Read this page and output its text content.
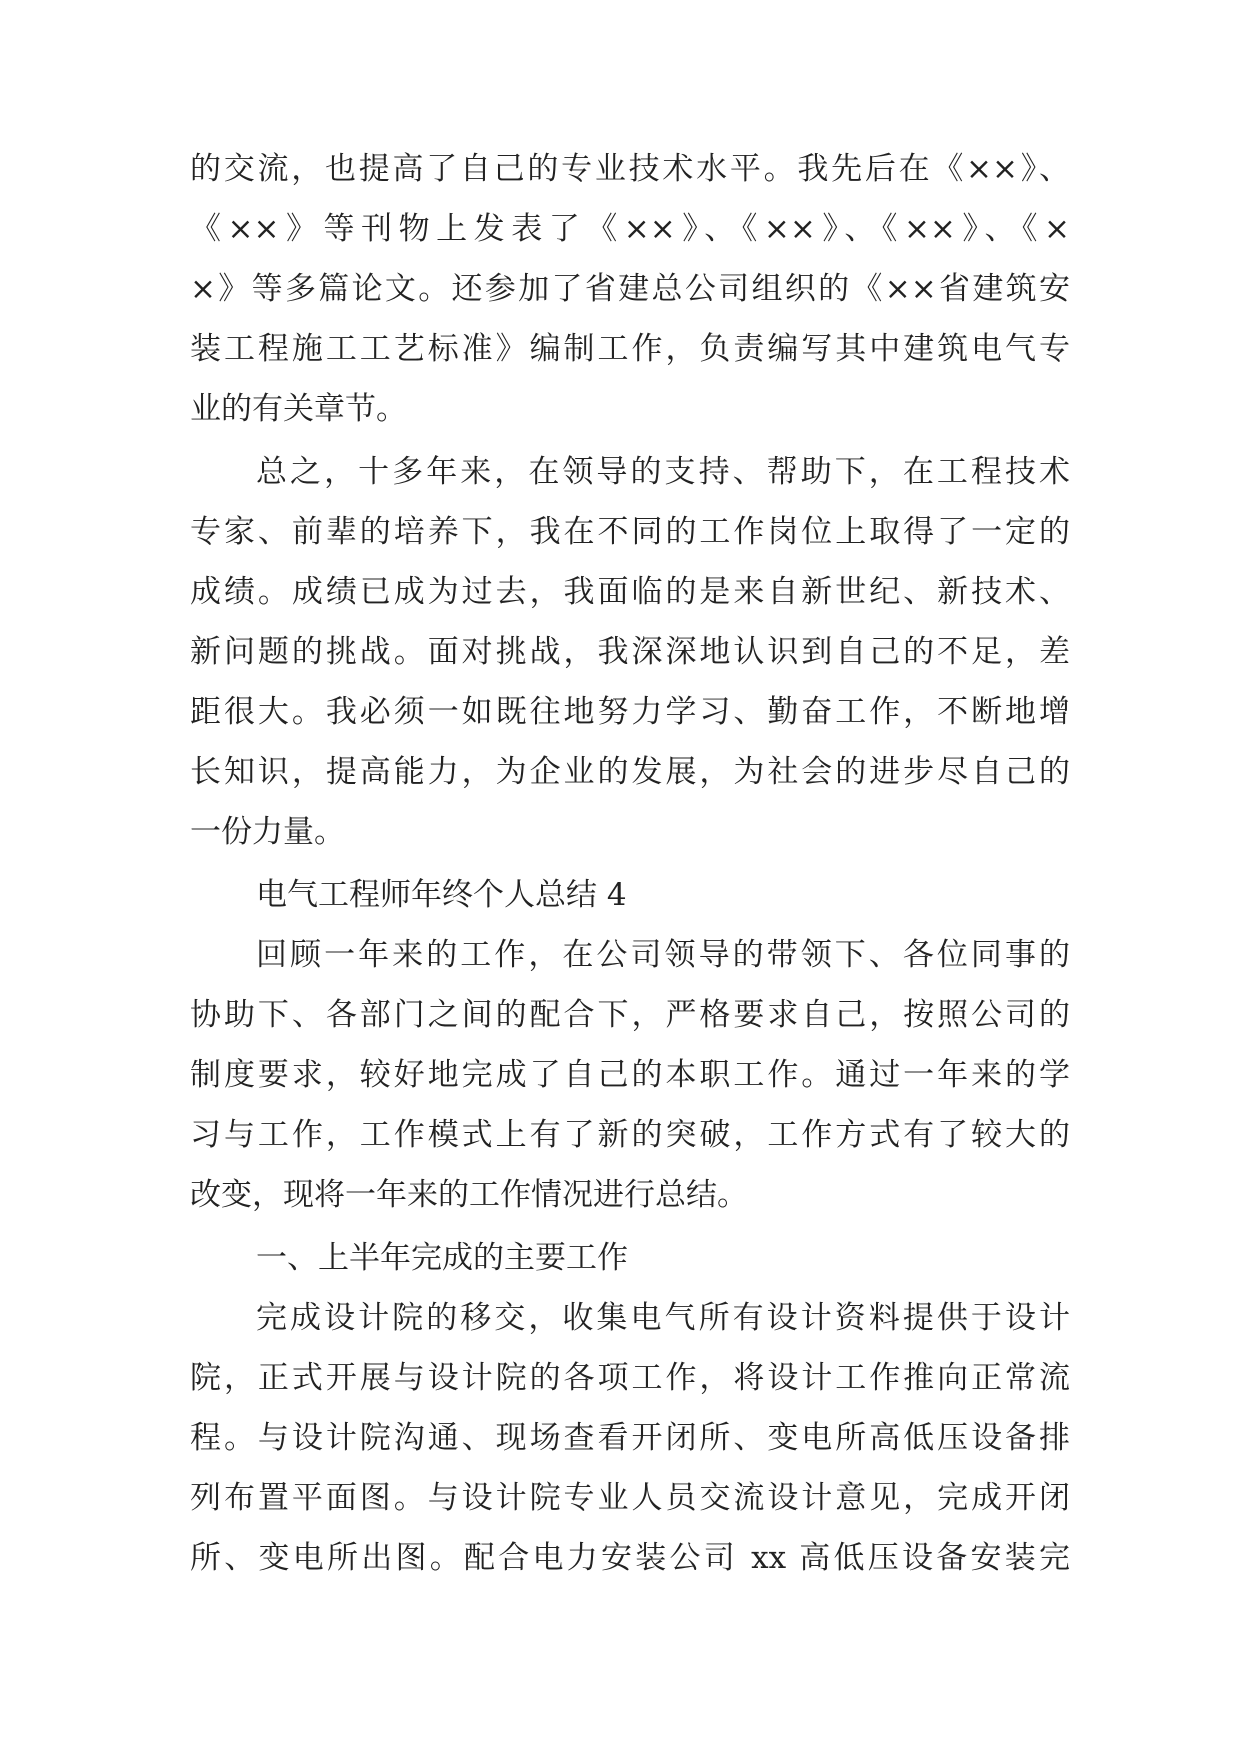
的交流，也提高了自己的专业技术水平。我先后在《××》、
《××》等刊物上发表了《××》、《××》、《××》、《×
×》等多篇论文。还参加了省建总公司组织的《××省建筑安
装工程施工工艺标准》编制工作，负责编写其中建筑电气专
业的有关章节。
总之，十多年来，在领导的支持、帮助下，在工程技术
专家、前辈的培养下，我在不同的工作岗位上取得了一定的
成绩。成绩已成为过去，我面临的是来自新世纪、新技术、
新问题的挑战。面对挑战，我深深地认识到自己的不足，差
距很大。我必须一如既往地努力学习、勤奋工作，不断地增
长知识，提高能力，为企业的发展，为社会的进步尽自己的
一份力量。
电气工程师年终个人总结 4
回顾一年来的工作，在公司领导的带领下、各位同事的
协助下、各部门之间的配合下，严格要求自己，按照公司的
制度要求，较好地完成了自己的本职工作。通过一年来的学
习与工作，工作模式上有了新的突破，工作方式有了较大的
改变，现将一年来的工作情况进行总结。
一、上半年完成的主要工作
完成设计院的移交，收集电气所有设计资料提供于设计
院，正式开展与设计院的各项工作，将设计工作推向正常流
程。与设计院沟通、现场查看开闭所、变电所高低压设备排
列布置平面图。与设计院专业人员交流设计意见，完成开闭
所、变电所出图。配合电力安装公司 xx 高低压设备安装完
